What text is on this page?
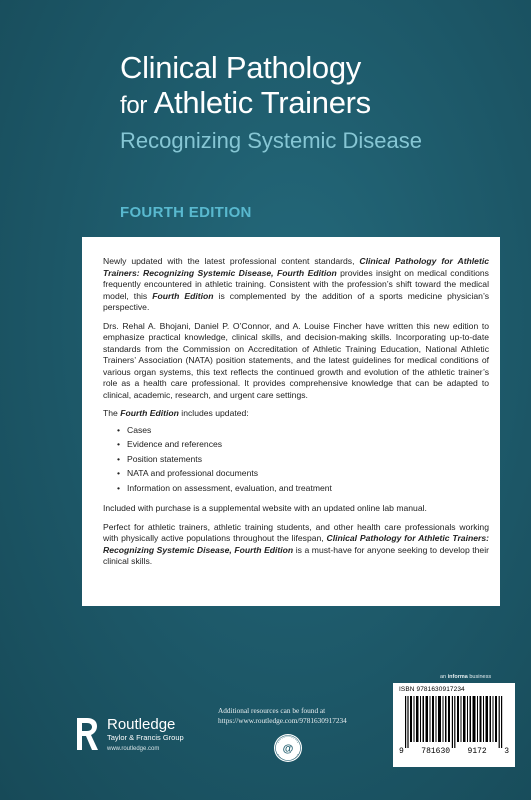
Clinical Pathology
for Athletic Trainers
Recognizing Systemic Disease
FOURTH EDITION

Newly updated with the latest professional content standards, Clinical Pathology for Athletic Trainers: Recognizing Systemic Disease, Fourth Edition provides insight on medical conditions frequently encountered in athletic training. Consistent with the profession’s shift toward the medical model, this Fourth Edition is complemented by the addition of a sports medicine physician’s perspective.

Drs. Rehal A. Bhojani, Daniel P. O’Connor, and A. Louise Fincher have written this new edition to emphasize practical knowledge, clinical skills, and decision-making skills. Incorporating up-to-date standards from the Commission on Accreditation of Athletic Training Education, National Athletic Trainers’ Association (NATA) position statements, and the latest guidelines for medical conditions of various organ systems, this text reflects the continued growth and evolution of the athletic trainer’s role as a health care professional. It provides comprehensive knowledge that can be adapted to clinical, academic, research, and urgent care settings.

The Fourth Edition includes updated:

• Cases
• Evidence and references
• Position statements
• NATA and professional documents
• Information on assessment, evaluation, and treatment

Included with purchase is a supplemental website with an updated online lab manual.

Perfect for athletic trainers, athletic training students, and other health care professionals working with physically active populations throughout the lifespan, Clinical Pathology for Athletic Trainers: Recognizing Systemic Disease, Fourth Edition is a must-have for anyone seeking to develop their clinical skills.

an informa business
ISBN 9781630917234
9 781630 9172 3
Additional resources can be found at
https://www.routledge.com/9781630917234
@
Routledge
Taylor & Francis Group
www.routledge.com
